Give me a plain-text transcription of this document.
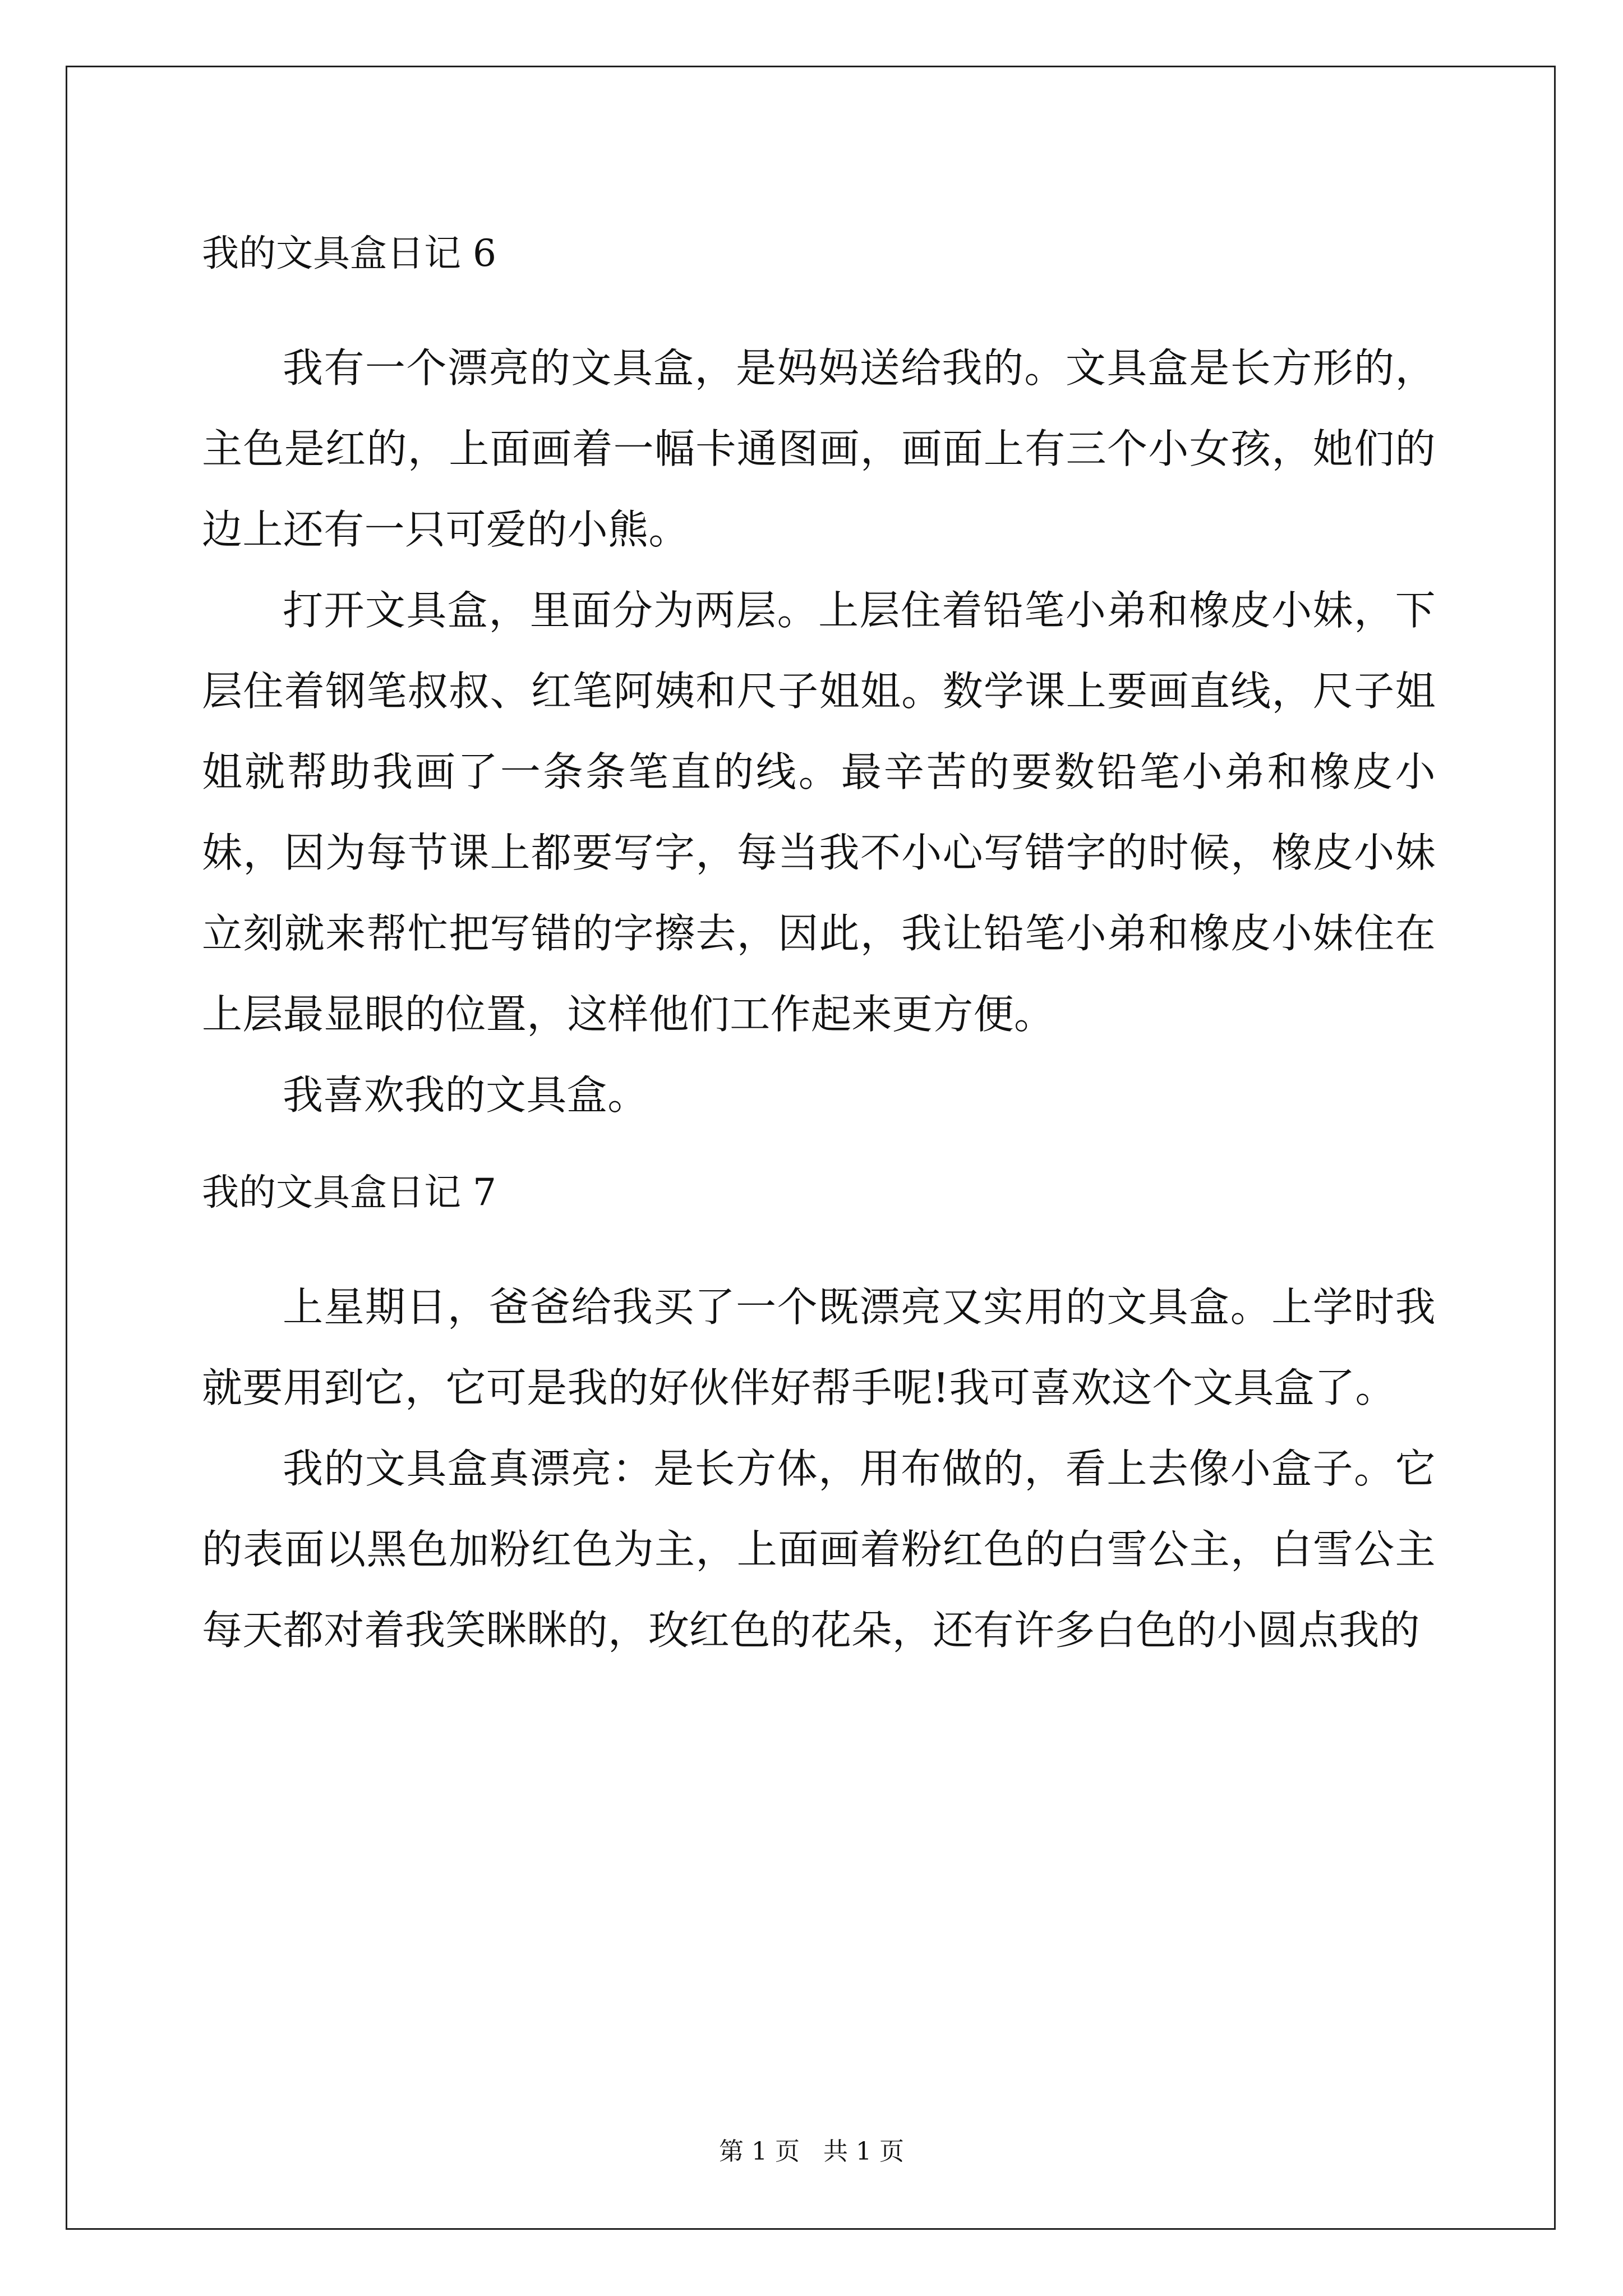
我的文具盒日记 6

我有一个漂亮的文具盒，是妈妈送给我的。文具盒是长方形的，主色是红的，上面画着一幅卡通图画，画面上有三个小女孩，她们的边上还有一只可爱的小熊。

打开文具盒，里面分为两层。上层住着铅笔小弟和橡皮小妹，下层住着钢笔叔叔、红笔阿姨和尺子姐姐。数学课上要画直线，尺子姐姐就帮助我画了一条条笔直的线。最辛苦的要数铅笔小弟和橡皮小妹，因为每节课上都要写字，每当我不小心写错字的时候，橡皮小妹立刻就来帮忙把写错的字擦去，因此，我让铅笔小弟和橡皮小妹住在上层最显眼的位置，这样他们工作起来更方便。

我喜欢我的文具盒。

我的文具盒日记 7

上星期日，爸爸给我买了一个既漂亮又实用的文具盒。上学时我就要用到它，它可是我的好伙伴好帮手呢!我可喜欢这个文具盒了。

我的文具盒真漂亮：是长方体，用布做的，看上去像小盒子。它的表面以黑色加粉红色为主，上面画着粉红色的白雪公主，白雪公主每天都对着我笑眯眯的，玫红色的花朵，还有许多白色的小圆点我的

第 1 页   共 1 页
